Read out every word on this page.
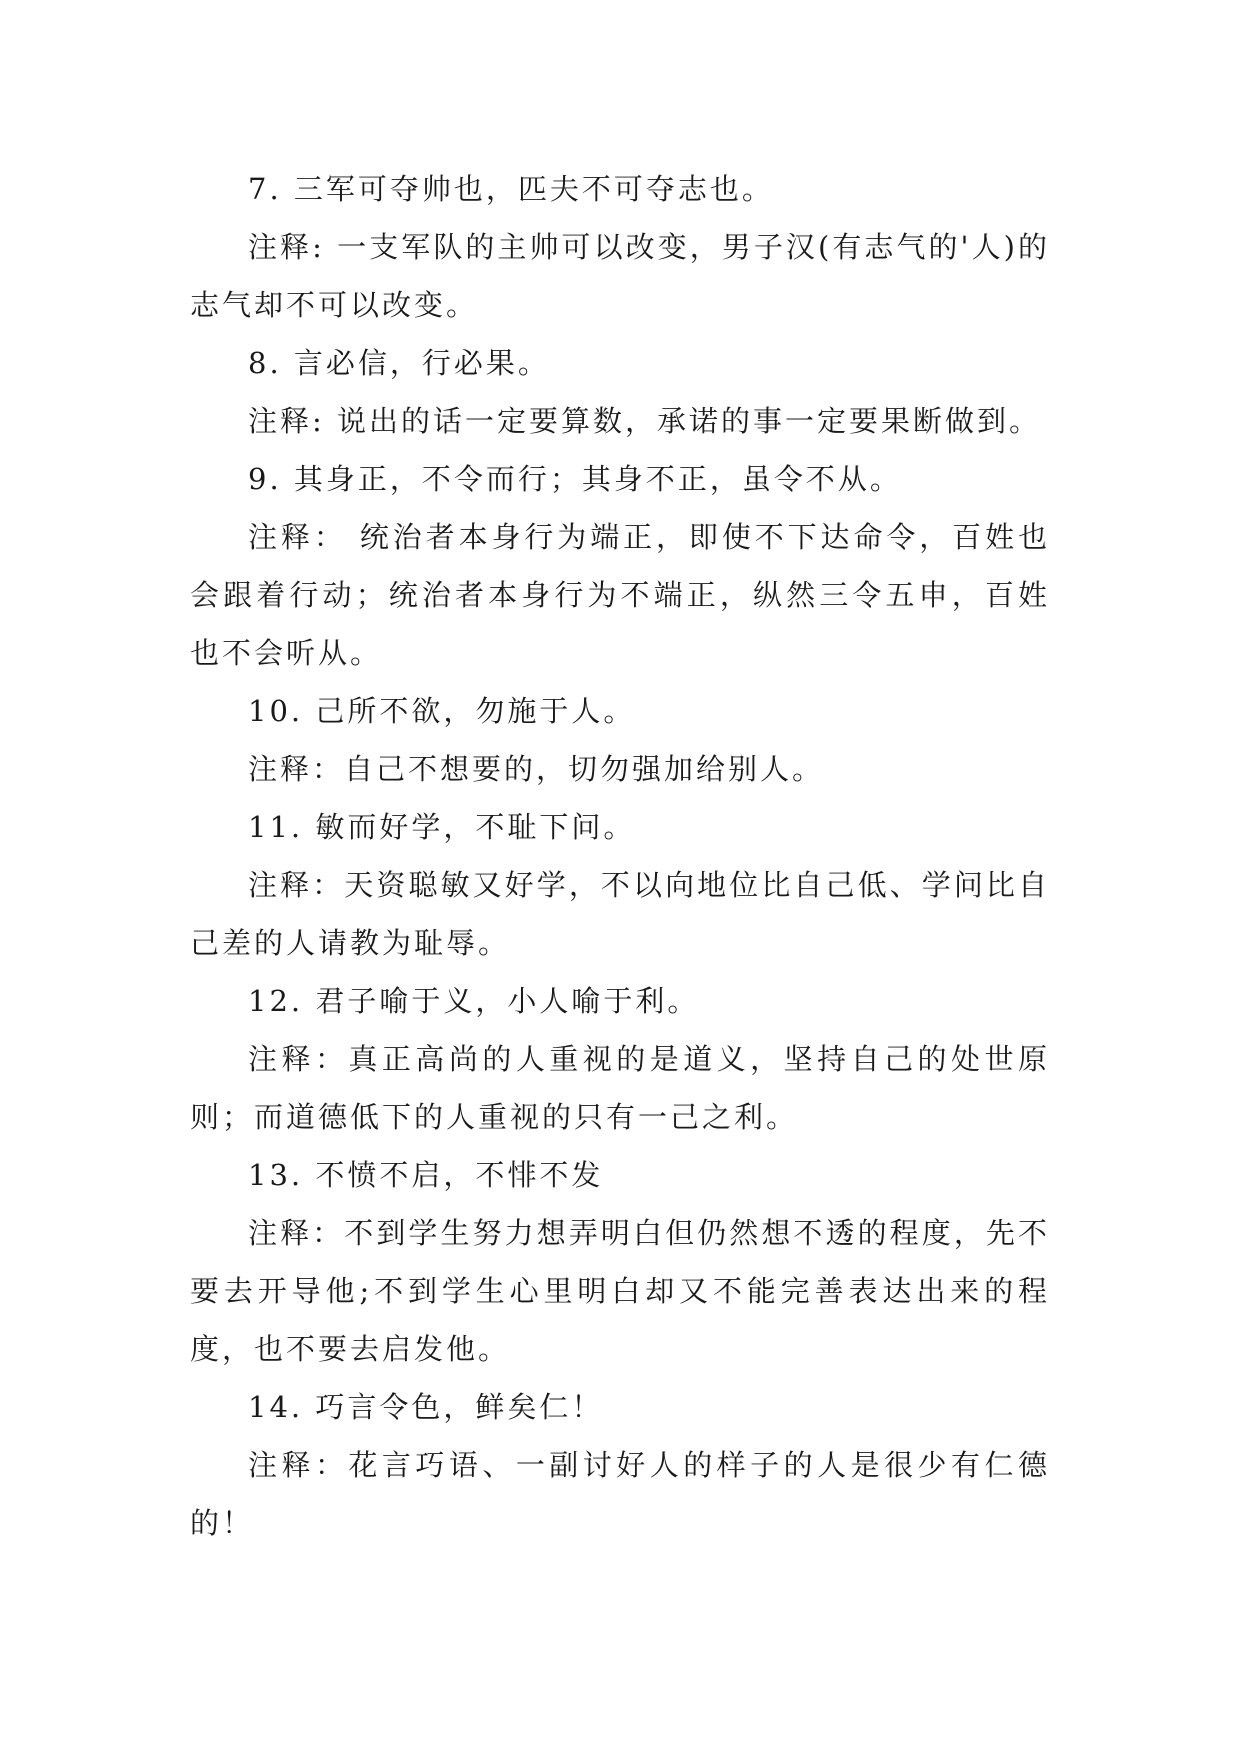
7. 三军可夺帅也，匹夫不可夺志也。

注释: 一支军队的主帅可以改变，男子汉(有志气的'人)的志气却不可以改变。

8. 言必信，行必果。

注释: 说出的话一定要算数，承诺的事一定要果断做到。

9. 其身正，不令而行；其身不正，虽令不从。

注释： 统治者本身行为端正，即使不下达命令，百姓也会跟着行动；统治者本身行为不端正，纵然三令五申，百姓也不会听从。

10. 己所不欲，勿施于人。

注释：自己不想要的，切勿强加给别人。

11. 敏而好学，不耻下问。

注释：天资聪敏又好学，不以向地位比自己低、学问比自己差的人请教为耻辱。

12. 君子喻于义，小人喻于利。

注释：真正高尚的人重视的是道义，坚持自己的处世原则；而道德低下的人重视的只有一己之利。

13. 不愤不启，不悱不发

注释：不到学生努力想弄明白但仍然想不透的程度，先不要去开导他;不到学生心里明白却又不能完善表达出来的程度，也不要去启发他。

14. 巧言令色，鲜矣仁！

注释：花言巧语、一副讨好人的样子的人是很少有仁德的！
